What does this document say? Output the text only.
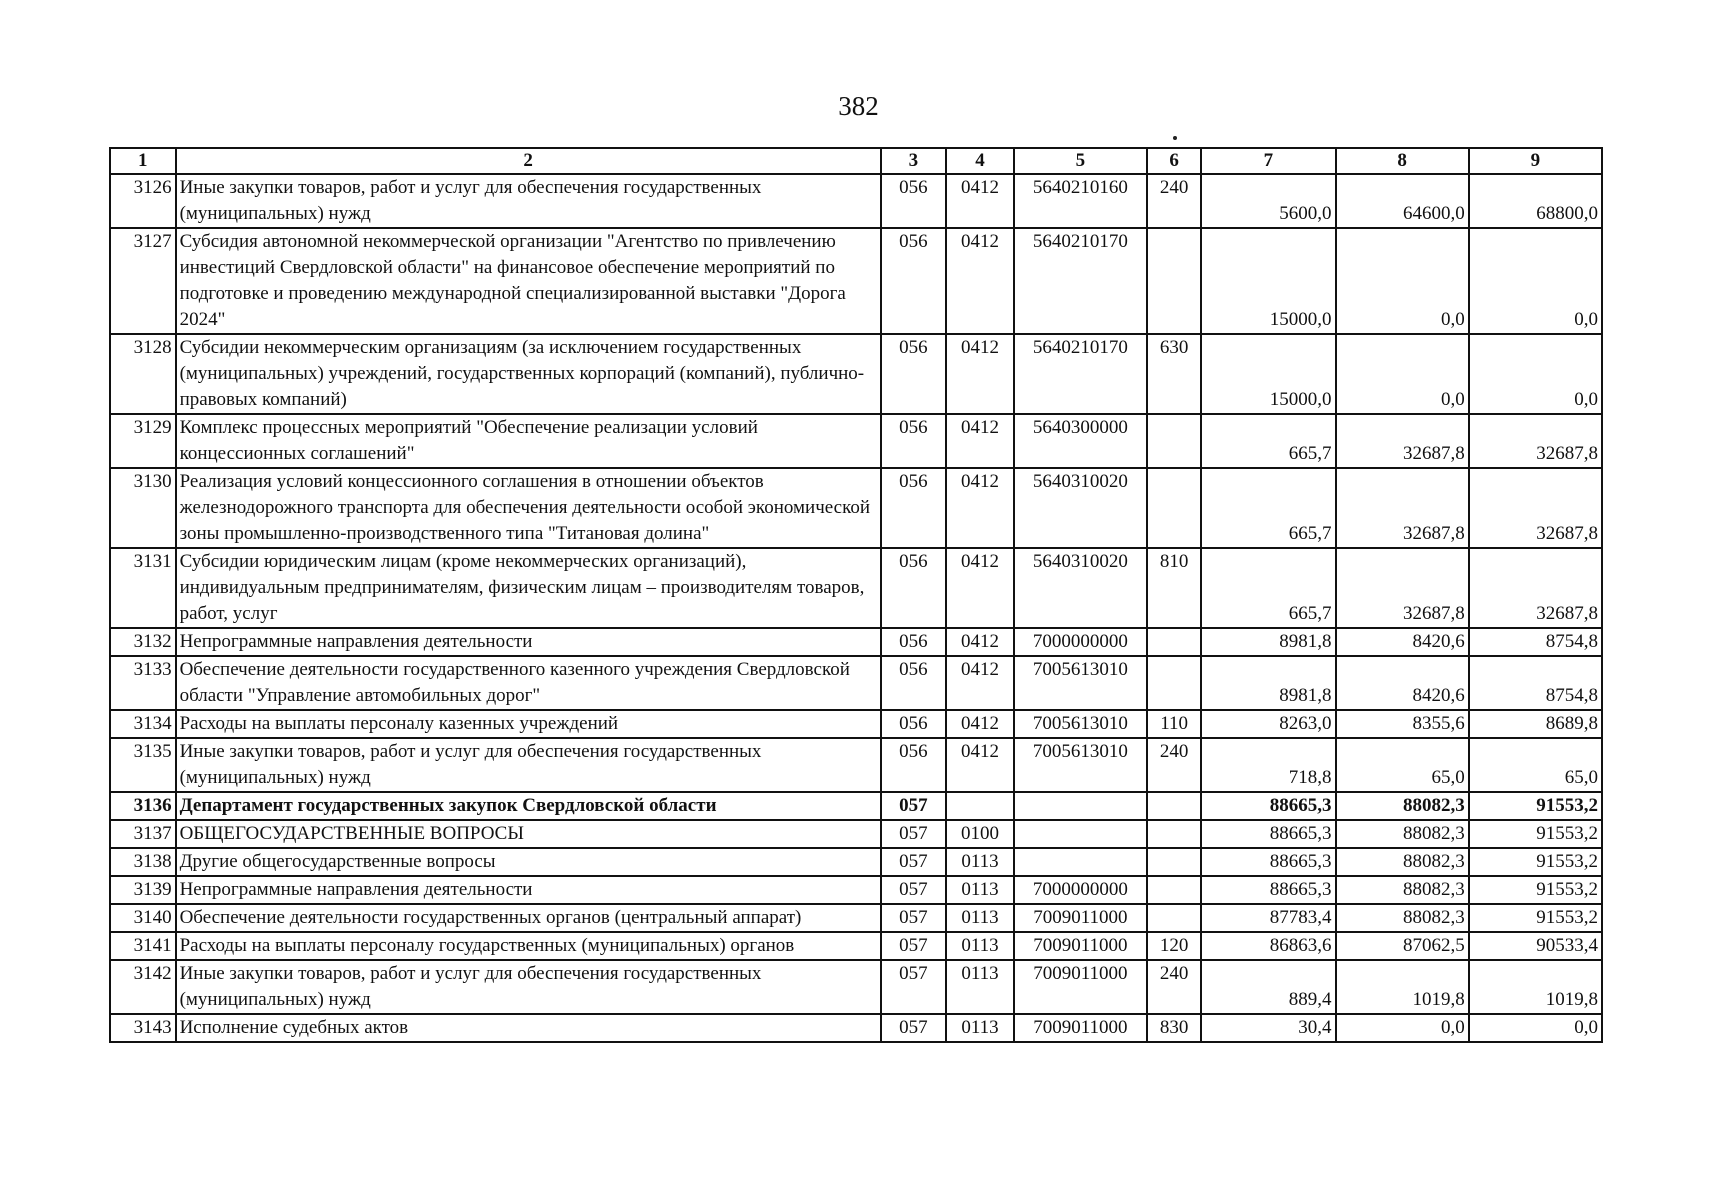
382
1	2	3	4	5	6	7	8	9
3126	Иные закупки товаров, работ и услуг для обеспечения государственных (муниципальных) нужд	056	0412	5640210160	240	5600,0	64600,0	68800,0
3127	Субсидия автономной некоммерческой организации "Агентство по привлечению инвестиций Свердловской области" на финансовое обеспечение мероприятий по подготовке и проведению международной специализированной выставки "Дорога 2024"	056	0412	5640210170		15000,0	0,0	0,0
3128	Субсидии некоммерческим организациям (за исключением государственных (муниципальных) учреждений, государственных корпораций (компаний), публично-правовых компаний)	056	0412	5640210170	630	15000,0	0,0	0,0
3129	Комплекс процессных мероприятий "Обеспечение реализации условий концессионных соглашений"	056	0412	5640300000		665,7	32687,8	32687,8
3130	Реализация условий концессионного соглашения в отношении объектов железнодорожного транспорта для обеспечения деятельности особой экономической зоны промышленно-производственного типа "Титановая долина"	056	0412	5640310020		665,7	32687,8	32687,8
3131	Субсидии юридическим лицам (кроме некоммерческих организаций), индивидуальным предпринимателям, физическим лицам – производителям товаров, работ, услуг	056	0412	5640310020	810	665,7	32687,8	32687,8
3132	Непрограммные направления деятельности	056	0412	7000000000		8981,8	8420,6	8754,8
3133	Обеспечение деятельности государственного казенного учреждения Свердловской области "Управление автомобильных дорог"	056	0412	7005613010		8981,8	8420,6	8754,8
3134	Расходы на выплаты персоналу казенных учреждений	056	0412	7005613010	110	8263,0	8355,6	8689,8
3135	Иные закупки товаров, работ и услуг для обеспечения государственных (муниципальных) нужд	056	0412	7005613010	240	718,8	65,0	65,0
3136	Департамент государственных закупок Свердловской области	057				88665,3	88082,3	91553,2
3137	ОБЩЕГОСУДАРСТВЕННЫЕ ВОПРОСЫ	057	0100			88665,3	88082,3	91553,2
3138	Другие общегосударственные вопросы	057	0113			88665,3	88082,3	91553,2
3139	Непрограммные направления деятельности	057	0113	7000000000		88665,3	88082,3	91553,2
3140	Обеспечение деятельности государственных органов (центральный аппарат)	057	0113	7009011000		87783,4	88082,3	91553,2
3141	Расходы на выплаты персоналу государственных (муниципальных) органов	057	0113	7009011000	120	86863,6	87062,5	90533,4
3142	Иные закупки товаров, работ и услуг для обеспечения государственных (муниципальных) нужд	057	0113	7009011000	240	889,4	1019,8	1019,8
3143	Исполнение судебных актов	057	0113	7009011000	830	30,4	0,0	0,0
